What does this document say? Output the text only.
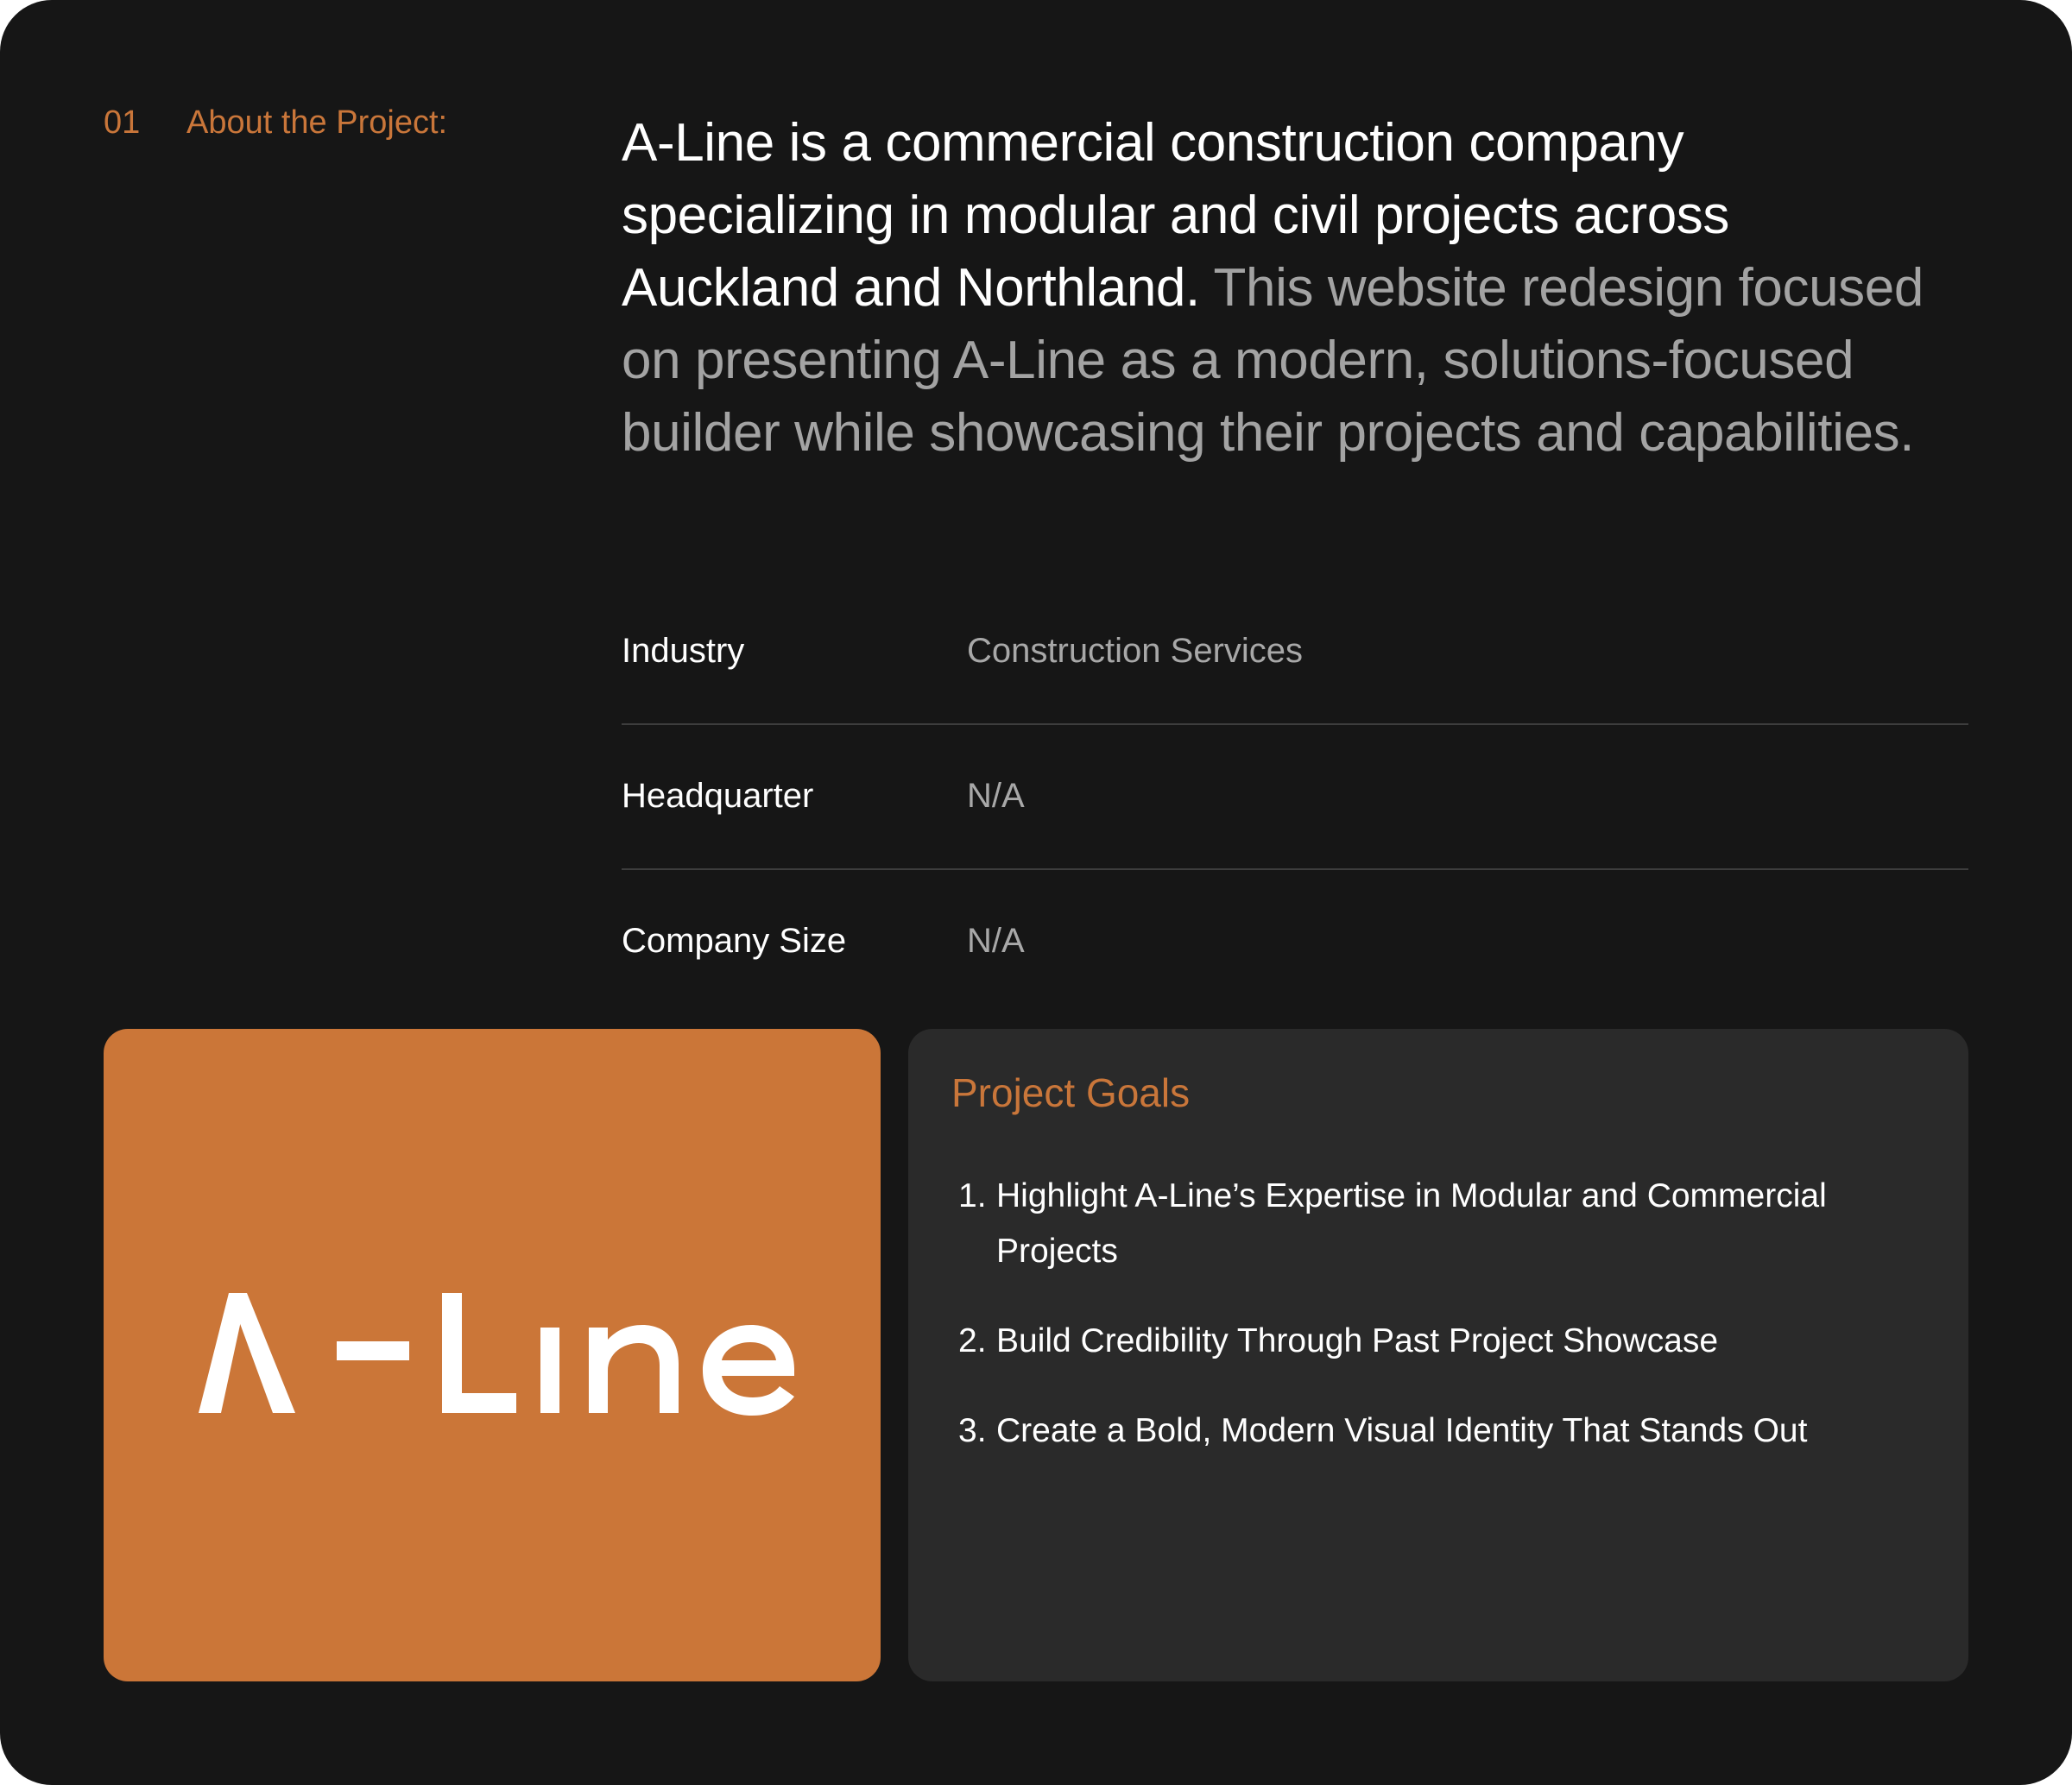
01 About the Project:	A-Line is a commercial construction company specializing in modular and civil projects across Auckland and Northland. This website redesign focused on presenting A-Line as a modern, solutions-focused builder while showcasing their projects and capabilities.

Industry	Construction Services
Headquarter	N/A
Company Size	N/A
Project Goals
1. Highlight A-Line’s Expertise in Modular and Commercial Projects
2. Build Credibility Through Past Project Showcase
3. Create a Bold, Modern Visual Identity That Stands Out
